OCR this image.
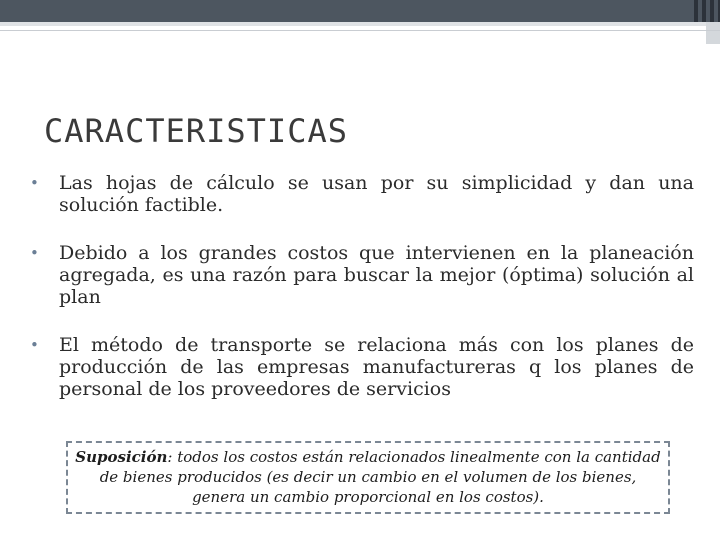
CARACTERISTICAS
• Las hojas de cálculo se usan por su simplicidad y dan una solución factible.
• Debido a los grandes costos que intervienen en la planeación agregada, es una razón para buscar la mejor (óptima) solución al plan
• El método de transporte se relaciona más con los planes de producción de las empresas manufactureras q los planes de personal de los proveedores de servicios
Suposición: todos los costos están relacionados linealmente con la cantidad de bienes producidos (es decir un cambio en el volumen de los bienes, genera un cambio proporcional en los costos).
